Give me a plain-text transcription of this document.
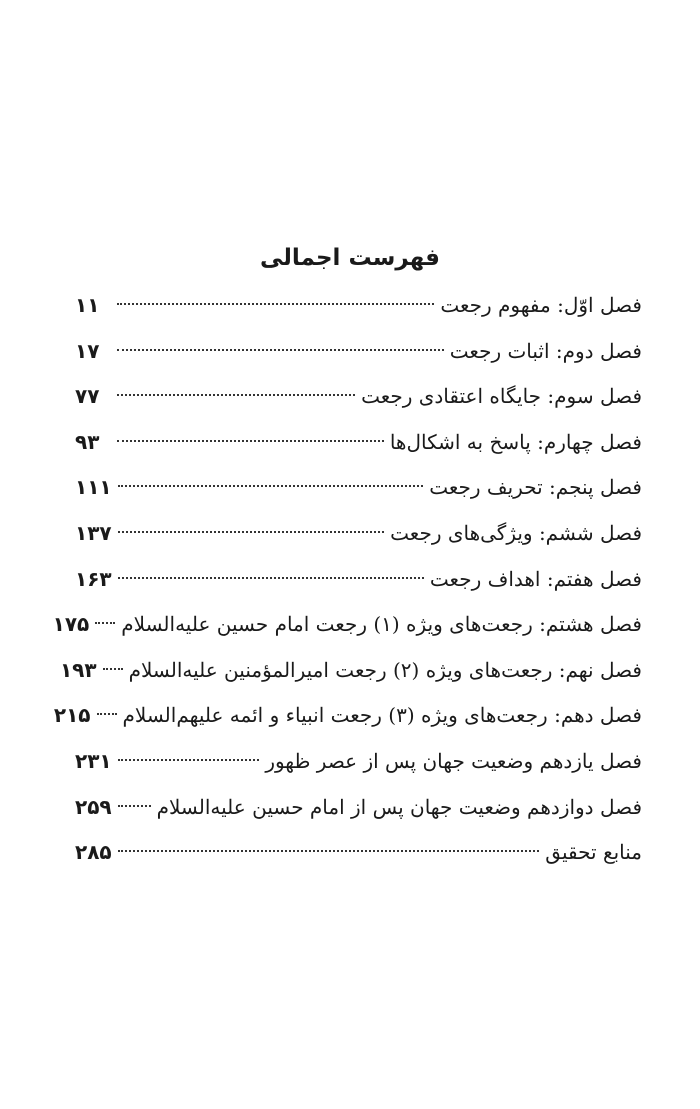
فهرست اجمالی
فصل اوّل: مفهوم رجعت
۱۱
فصل دوم: اثبات رجعت
۱۷
فصل سوم: جایگاه اعتقادی رجعت
۷۷
فصل چهارم: پاسخ به اشکال‌ها
۹۳
فصل پنجم: تحریف رجعت
۱۱۱
فصل ششم: ویژگی‌های رجعت
۱۳۷
فصل هفتم: اهداف رجعت
۱۶۳
فصل هشتم: رجعت‌های ویژه (۱) رجعت امام حسین علیه‌السلام
۱۷۵
فصل نهم: رجعت‌های ویژه (۲) رجعت امیرالمؤمنین علیه‌السلام
۱۹۳
فصل دهم: رجعت‌های ویژه (۳) رجعت انبیاء و ائمه علیهم‌السلام
۲۱۵
فصل یازدهم وضعیت جهان پس از عصر ظهور
۲۳۱
فصل دوازدهم وضعیت جهان پس از امام حسین علیه‌السلام
۲۵۹
منابع تحقیق
۲۸۵
